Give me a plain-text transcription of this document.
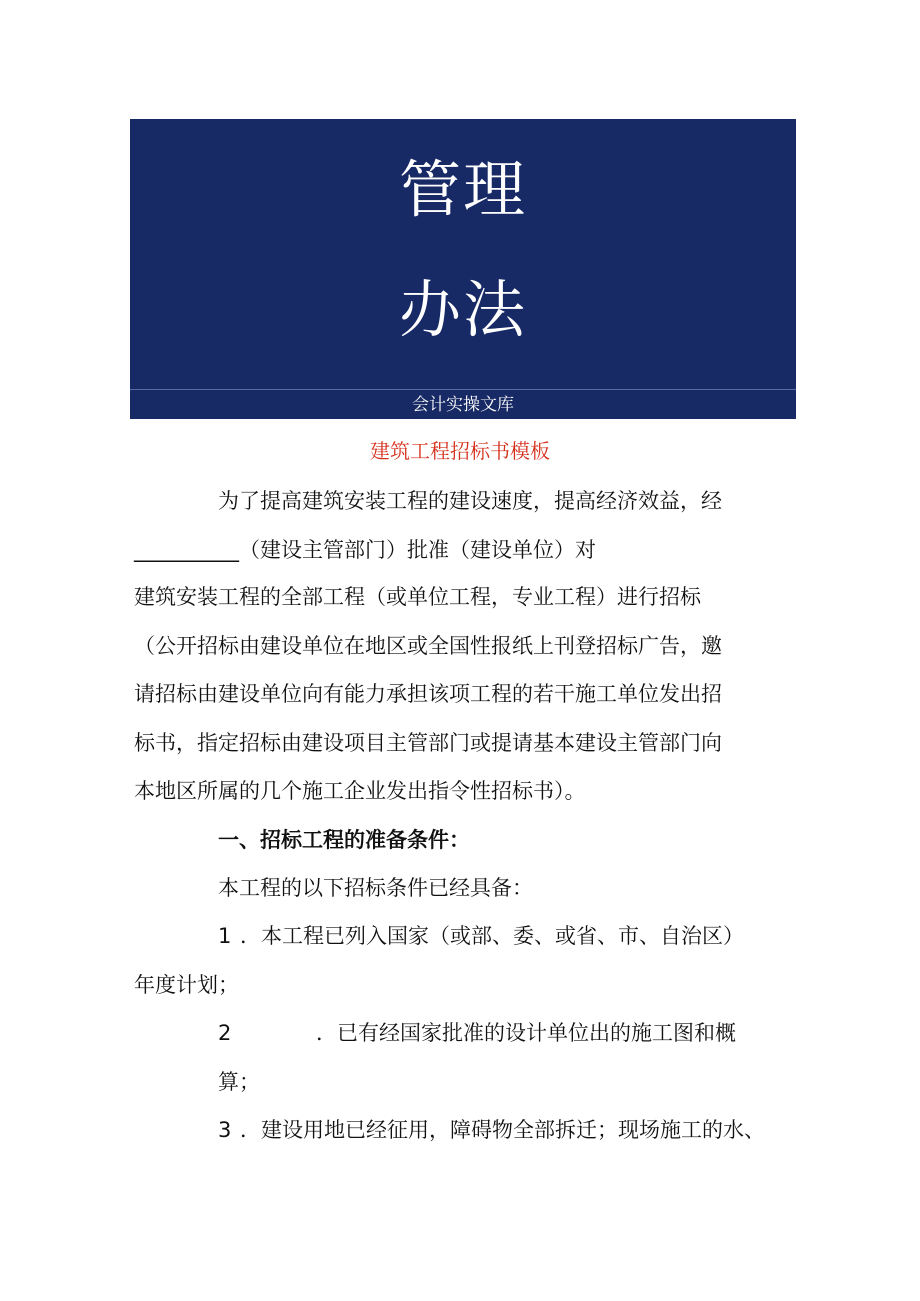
管理
办法
会计实操文库
建筑工程招标书模板
为了提高建筑安装工程的建设速度，提高经济效益，经
__________（建设主管部门）批准（建设单位）对
建筑安装工程的全部工程（或单位工程，专业工程）进行招标
（公开招标由建设单位在地区或全国性报纸上刊登招标广告，邀
请招标由建设单位向有能力承担该项工程的若干施工单位发出招
标书，指定招标由建设项目主管部门或提请基本建设主管部门向
本地区所属的几个施工企业发出指令性招标书）。
一、招标工程的准备条件：
本工程的以下招标条件已经具备：
1 ．本工程已列入国家（或部、委、或省、市、自治区）
年度计划；
2	．已有经国家批准的设计单位出的施工图和概
算；
3 ．建设用地已经征用，障碍物全部拆迁；现场施工的水、
